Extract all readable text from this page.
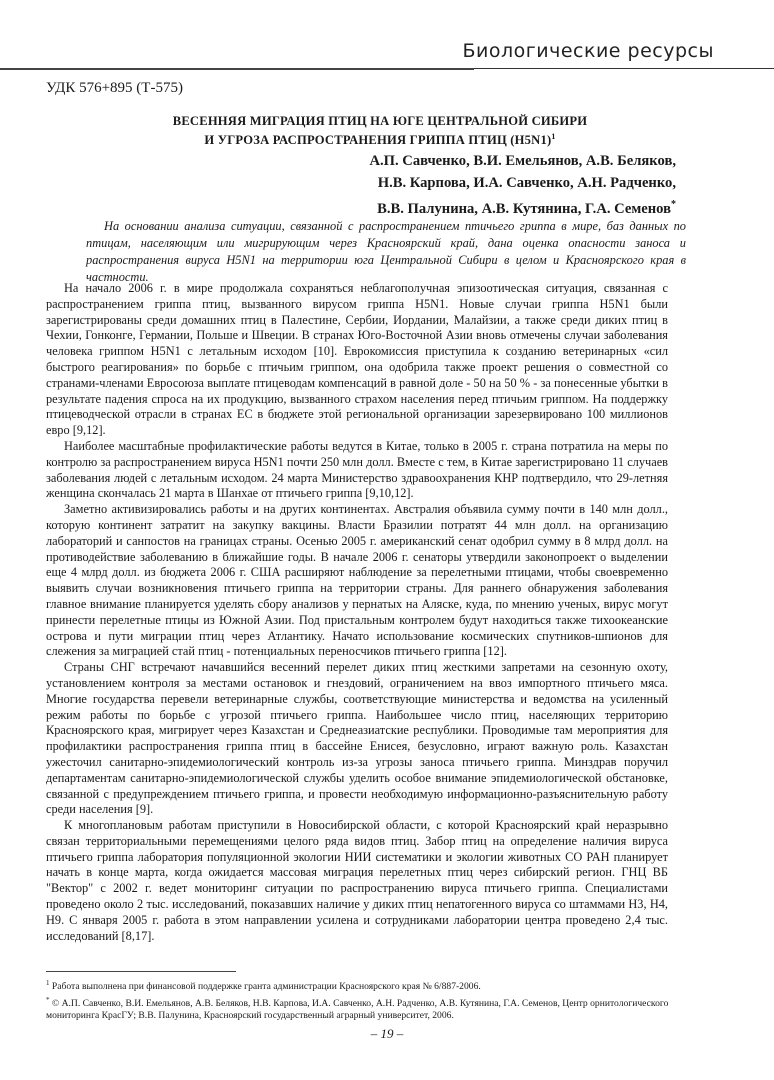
Биологические ресурсы
УДК 576+895 (Т-575)
ВЕСЕННЯЯ МИГРАЦИЯ ПТИЦ НА ЮГЕ ЦЕНТРАЛЬНОЙ СИБИРИ
И УГРОЗА РАСПРОСТРАНЕНИЯ ГРИППА ПТИЦ $(H5N1)^1$
А.П. Савченко, В.И. Емельянов, А.В. Беляков,
Н.В. Карпова, И.А. Савченко, А.Н. Радченко,
В.В. Палунина, А.В. Кутянина, Г.А. Семенов*
На основании анализа ситуации, связанной с распространением птичьего гриппа в мире, баз данных по птицам, населяющим или мигрирующим через Красноярский край, дана оценка опасности заноса и распространения вируса H5N1 на территории юга Центральной Сибири в целом и Красноярского края в частности.

На начало 2006 г. в мире продолжала сохраняться неблагополучная эпизоотическая ситуация, связанная с распространением гриппа птиц, вызванного вирусом гриппа H5N1. Новые случаи гриппа H5N1 были зарегистрированы среди домашних птиц в Палестине, Сербии, Иордании, Малайзии, а также среди диких птиц в Чехии, Гонконге, Германии, Польше и Швеции. В странах Юго-Восточной Азии вновь отмечены случаи заболевания человека гриппом H5N1 с летальным исходом [10]. Еврокомиссия приступила к созданию ветеринарных «сил быстрого реагирования» по борьбе с птичьим гриппом, она одобрила также проект решения о совместной со странами-членами Евросоюза выплате птицеводам компенсаций в равной доле - 50 на 50 % - за понесенные убытки в результате падения спроса на их продукцию, вызванного страхом населения перед птичьим гриппом. На поддержку птицеводческой отрасли в странах ЕС в бюджете этой региональной организации зарезервировано 100 миллионов евро [9,12].

Наиболее масштабные профилактические работы ведутся в Китае, только в 2005 г. страна потратила на меры по контролю за распространением вируса H5N1 почти 250 млн долл. Вместе с тем, в Китае зарегистрировано 11 случаев заболевания людей с летальным исходом. 24 марта Министерство здравоохранения КНР подтвердило, что 29-летняя женщина скончалась 21 марта в Шанхае от птичьего гриппа [9,10,12].

Заметно активизировались работы и на других континентах. Австралия объявила сумму почти в 140 млн долл., которую континент затратит на закупку вакцины. Власти Бразилии потратят 44 млн долл. на организацию лабораторий и санпостов на границах страны. Осенью 2005 г. американский сенат одобрил сумму в 8 млрд долл. на противодействие заболеванию в ближайшие годы. В начале 2006 г. сенаторы утвердили законопроект о выделении еще 4 млрд долл. из бюджета 2006 г. США расширяют наблюдение за перелетными птицами, чтобы своевременно выявить случаи возникновения птичьего гриппа на территории страны. Для раннего обнаружения заболевания главное внимание планируется уделять сбору анализов у пернатых на Аляске, куда, по мнению ученых, вирус могут принести перелетные птицы из Южной Азии. Под пристальным контролем будут находиться также тихоокеанские острова и пути миграции птиц через Атлантику. Начато использование космических спутников-шпионов для слежения за миграцией стай птиц - потенциальных переносчиков птичьего гриппа [12].

Страны СНГ встречают начавшийся весенний перелет диких птиц жесткими запретами на сезонную охоту, установлением контроля за местами остановок и гнездовий, ограничением на ввоз импортного птичьего мяса. Многие государства перевели ветеринарные службы, соответствующие министерства и ведомства на усиленный режим работы по борьбе с угрозой птичьего гриппа. Наибольшее число птиц, населяющих территорию Красноярского края, мигрирует через Казахстан и Среднеазиатские республики. Проводимые там мероприятия для профилактики распространения гриппа птиц в бассейне Енисея, безусловно, играют важную роль. Казахстан ужесточил санитарно-эпидемиологический контроль из-за угрозы заноса птичьего гриппа. Минздрав поручил департаментам санитарно-эпидемиологической службы уделить особое внимание эпидемиологической обстановке, связанной с предупреждением птичьего гриппа, и провести необходимую информационно-разъяснительную работу среди населения [9].

К многоплановым работам приступили в Новосибирской области, с которой Красноярский край неразрывно связан территориальными перемещениями целого ряда видов птиц. Забор птиц на определение наличия вируса птичьего гриппа лаборатория популяционной экологии НИИ систематики и экологии животных СО РАН планирует начать в конце марта, когда ожидается массовая миграция перелетных птиц через сибирский регион. ГНЦ ВБ "Вектор" с 2002 г. ведет мониторинг ситуации по распространению вируса птичьего гриппа. Специалистами проведено около 2 тыс. исследований, показавших наличие у диких птиц непатогенного вируса со штаммами H3, H4, H9. С января 2005 г. работа в этом направлении усилена и сотрудниками лаборатории центра проведено 2,4 тыс. исследований [8,17].

$^1$ Работа выполнена при финансовой поддержке гранта администрации Красноярского края № 6/887-2006.
* © А.П. Савченко, В.И. Емельянов, А.В. Беляков, Н.В. Карпова, И.А. Савченко, А.Н. Радченко, А.В. Кутянина, Г.А. Семенов, Центр орнитологического мониторинга КрасГУ; В.В. Палунина, Красноярский государственный аграрный университет, 2006.
– 19 –
